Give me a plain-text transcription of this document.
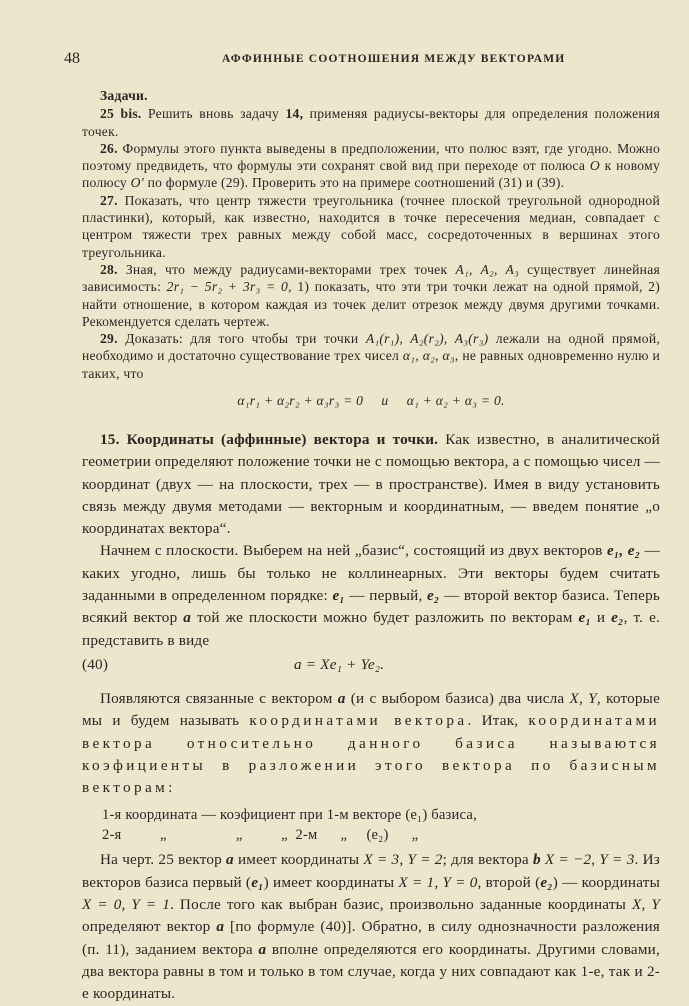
48	АФФИННЫЕ СООТНОШЕНИЯ МЕЖДУ ВЕКТОРАМИ
Задачи.

25 bis. Решить вновь задачу 14, применяя радиусы-векторы для определения положения точек.

26. Формулы этого пункта выведены в предположении, что полюс взят, где угодно. Можно поэтому предвидеть, что формулы эти сохранят свой вид при переходе от полюса O к новому полюсу O′ по формуле (29). Проверить это на примере соотношений (31) и (39).

27. Показать, что центр тяжести треугольника (точнее плоской треугольной однородной пластинки), который, как известно, находится в точке пересечения медиан, совпадает с центром тяжести трех равных между собой масс, сосредоточенных в вершинах этого треугольника.

28. Зная, что между радиусами-векторами трех точек A₁, A₂, A₃ существует линейная зависимость: 2r₁ − 5r₂ + 3r₃ = 0, 1) показать, что эти три точки лежат на одной прямой, 2) найти отношение, в котором каждая из точек делит отрезок между двумя другими точками. Рекомендуется сделать чертеж.

29. Доказать: для того чтобы три точки A₁(r₁), A₂(r₂), A₃(r₃) лежали на одной прямой, необходимо и достаточно существование трех чисел α₁, α₂, α₃, не равных одновременно нулю и таких, что

α₁r₁ + α₂r₂ + α₃r₃ = 0     и     α₁ + α₂ + α₃ = 0.

15. Координаты (аффинные) вектора и точки. Как известно, в аналитической геометрии определяют положение точки не с помощью вектора, а с помощью чисел — координат (двух — на плоскости, трех — в пространстве). Имея в виду установить связь между двумя методами — векторным и координатным, — введем понятие „о координатах вектора“.

Начнем с плоскости. Выберем на ней „базис“, состоящий из двух векторов e₁, e₂ — каких угодно, лишь бы только не коллинеарных. Эти векторы будем считать заданными в определенном порядке: e₁ — первый, e₂ — второй вектор базиса. Теперь всякий вектор a той же плоскости можно будет разложить по векторам e₁ и e₂, т. е. представить в виде

(40)	a = Xe₁ + Ye₂.

Появляются связанные с вектором a (и с выбором базиса) два числа X, Y, которые мы и будем называть координатами вектора. Итак, координатами вектора относительно данного базиса называются коэфициенты в разложении этого вектора по базисным векторам:

1-я координата — коэфициент при 1-м векторе (e₁) базиса,
2-я          „                  „          „  2-м      „     (e₂)      „

На черт. 25 вектор a имеет координаты X = 3, Y = 2; для вектора b X = −2, Y = 3. Из векторов базиса первый (e₁) имеет координаты X = 1, Y = 0, второй (e₂) — координаты X = 0, Y = 1. После того как выбран базис, произвольно заданные координаты X, Y определяют вектор a [по формуле (40)]. Обратно, в силу однозначности разложения (п. 11), заданием вектора a вполне определяются его координаты. Другими словами, два вектора равны в том и только в том случае, когда у них совпадают как 1-е, так и 2-е координаты.
